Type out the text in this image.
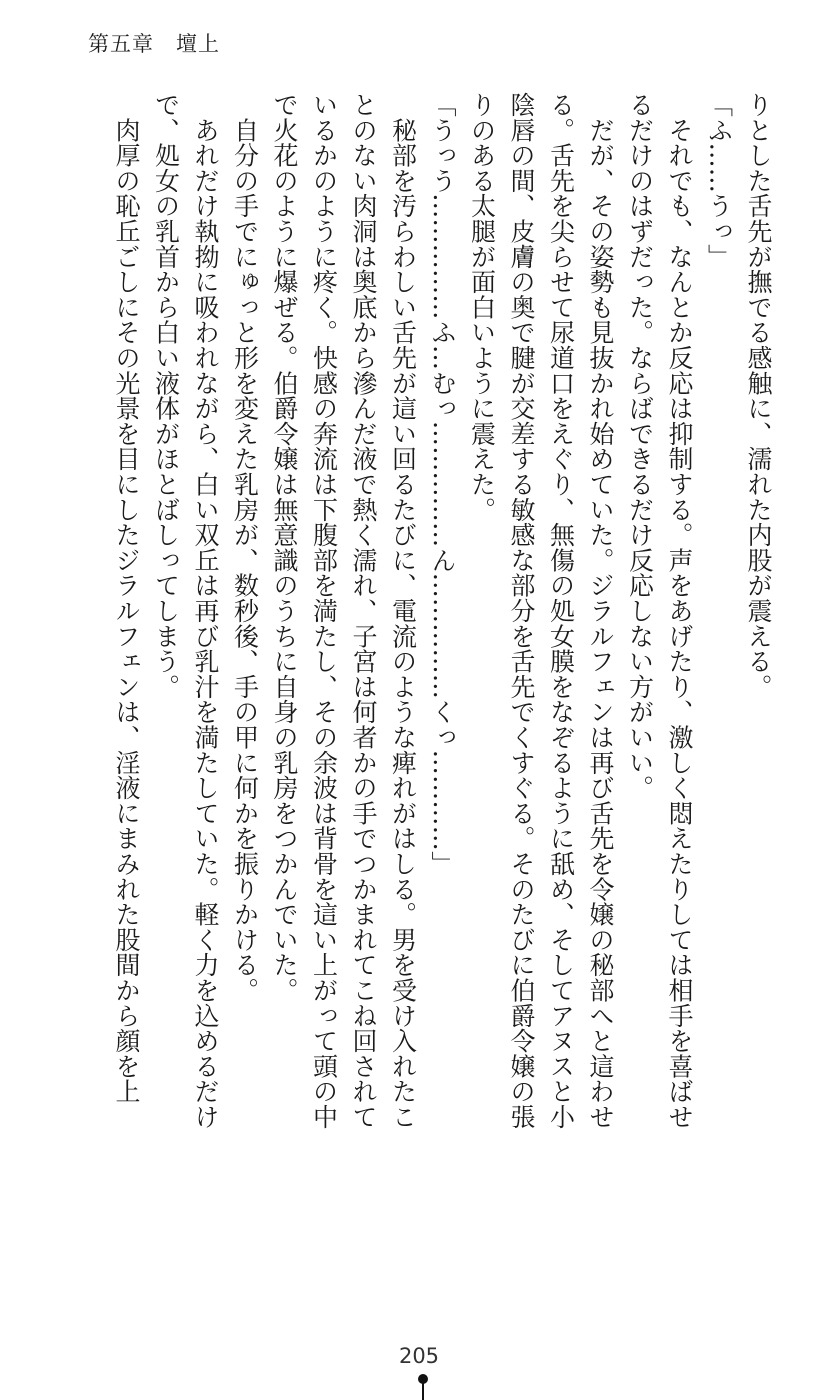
第五章　壇上

りとした舌先が撫でる感触に、濡れた内股が震える。

「ふ……うっ」

　それでも、なんとか反応は抑制する。声をあげたり、激しく悶えたりしては相手を喜ばせるだけのはずだった。ならばできるだけ反応しない方がいい。

　だが、その姿勢も見抜かれ始めていた。ジラルフェンは再び舌先を令嬢の秘部へと這わせる。舌先を尖らせて尿道口をえぐり、無傷の処女膜をなぞるように舐め、そしてアヌスと小陰唇の間、皮膚の奥で腱が交差する敏感な部分を舌先でくすぐる。そのたびに伯爵令嬢の張りのある太腿が面白いように震えた。

「うっう……………ふ…むっ……………ん……………くっ…………」

　秘部を汚らわしい舌先が這い回るたびに、電流のような痺れがはしる。男を受け入れたことのない肉洞は奥底から滲んだ液で熱く濡れ、子宮は何者かの手でつかまれてこね回されているかのように疼く。快感の奔流は下腹部を満たし、その余波は背骨を這い上がって頭の中で火花のように爆ぜる。伯爵令嬢は無意識のうちに自身の乳房をつかんでいた。

　自分の手でにゅっと形を変えた乳房が、数秒後、手の甲に何かを振りかける。

　あれだけ執拗に吸われながら、白い双丘は再び乳汁を満たしていた。軽く力を込めるだけで、処女の乳首から白い液体がほとばしってしまう。

　肉厚の恥丘ごしにその光景を目にしたジラルフェンは、淫液にまみれた股間から顔を上

205
